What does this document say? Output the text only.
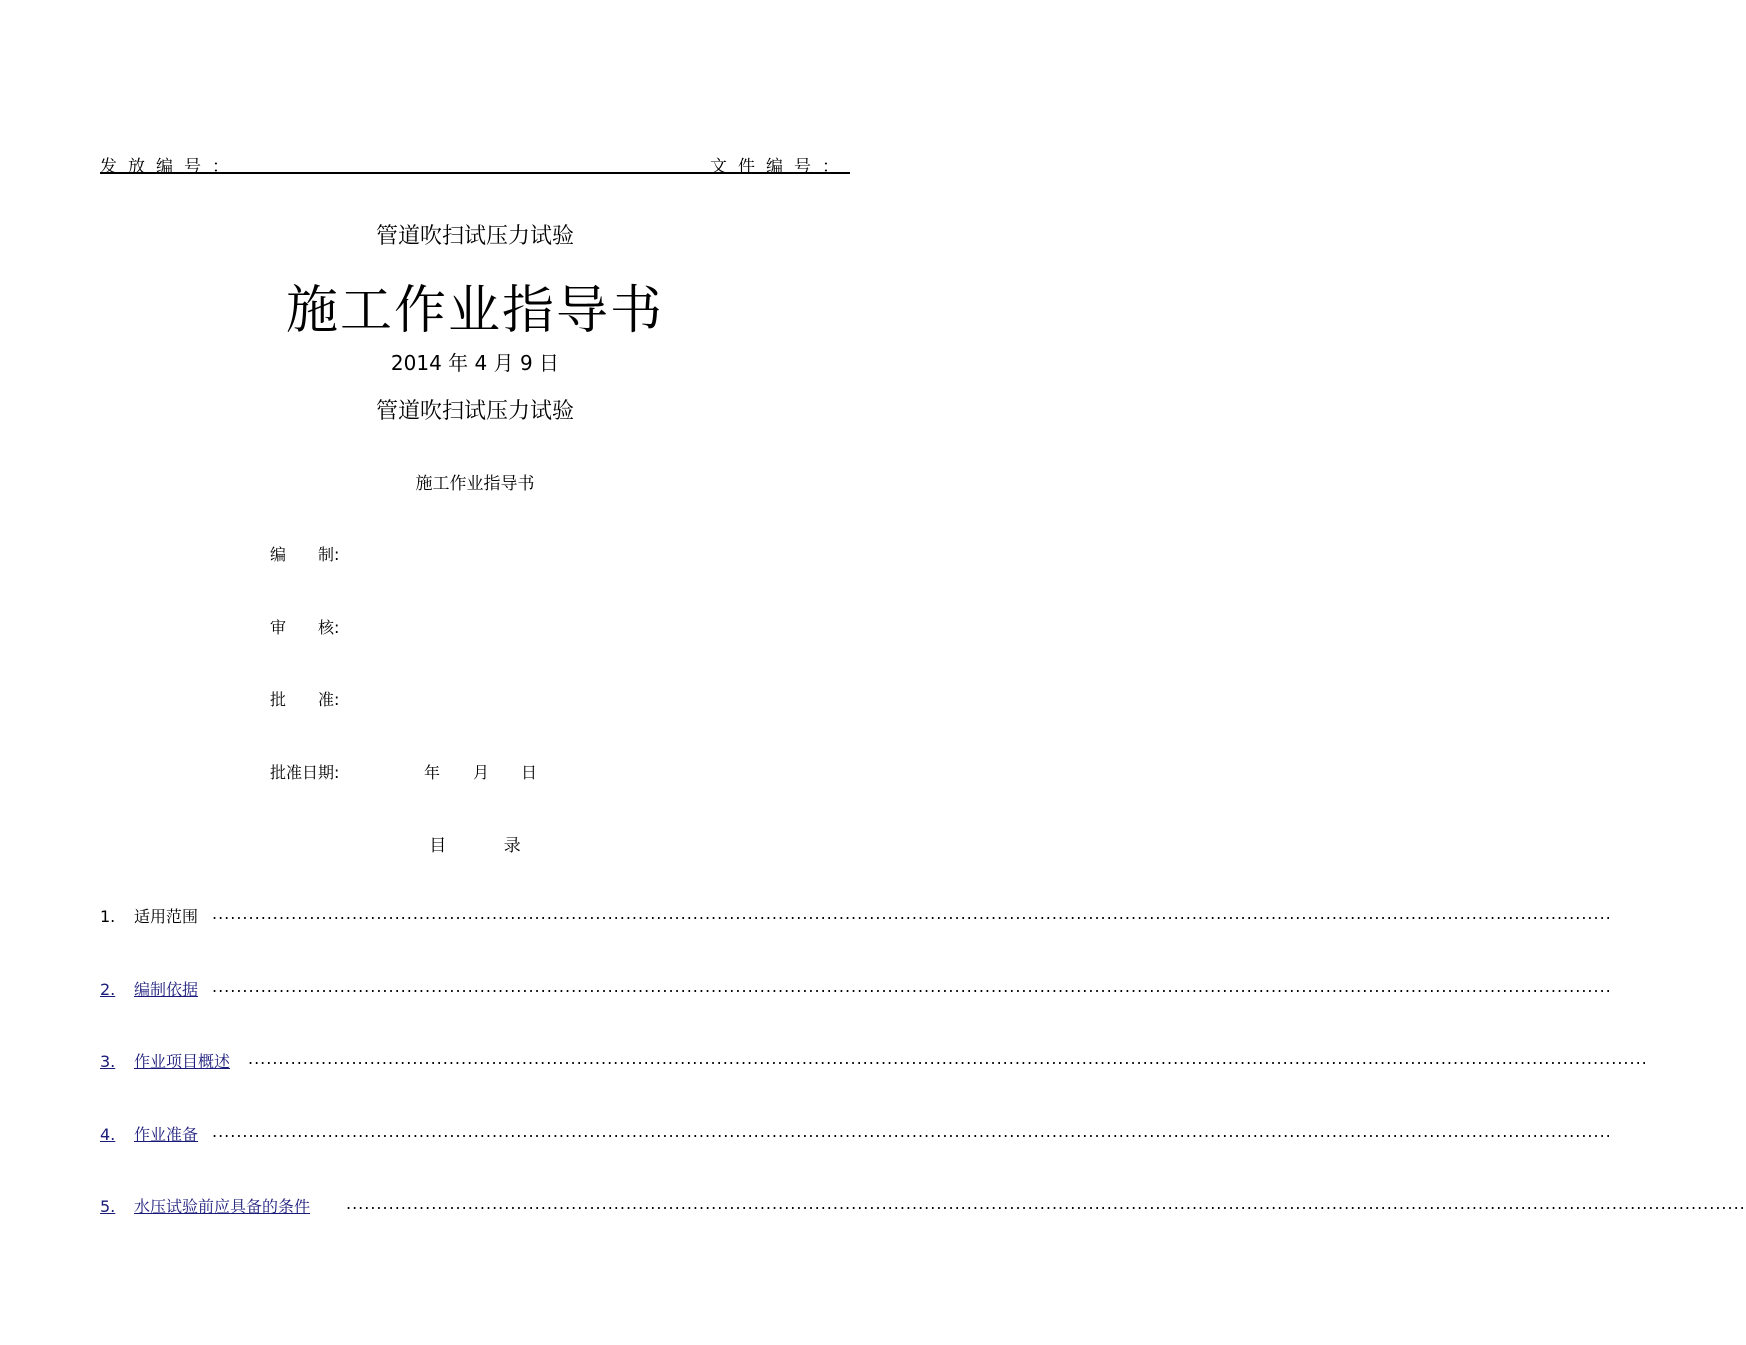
发放编号：	文件编号：
管道吹扫试压力试验
施工作业指导书
2014 年 4 月 9 日
管道吹扫试压力试验
施工作业指导书
编　　制:
审　　核:
批　　准:
批准日期:	年 月 日
目	录
1. 适用范围 ......................................................................................................................................................................................................................................
2. 编制依据 ......................................................................................................................................................................................................................................
3. 作业项目概述 ......................................................................................................................................................................................................................................
4. 作业准备 ......................................................................................................................................................................................................................................
5. 水压试验前应具备的条件 ......................................................................................................................................................................................................................................
